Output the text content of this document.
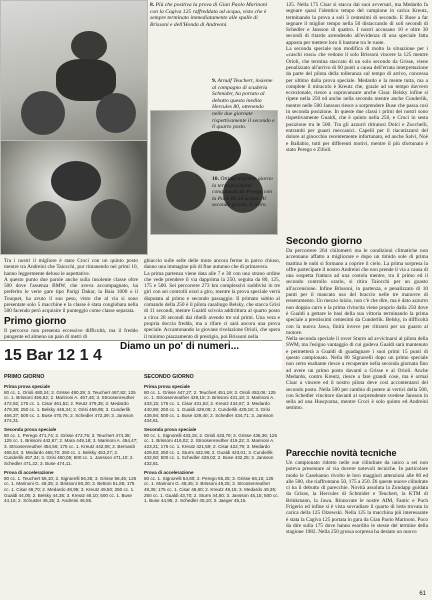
8. Più che positiva la prova di Gian Paolo Marinoni con la Cagiva 125 raffreddata ad acqua, visto che è sempre terminato immediatamente alle spalle di Brissoni e dell'Honda di Andreoni.
9. Arnulf Teuchert, insieme al compagno di scuderia Schmider, ha portato al debutto questa inedita Hercules 80, ottenendo nelle due giornate rispettivamente il secondo e il quarto posto.
10. Ottima al primo giorno la terza posizione conquistata da Perego con la Puch 80 ad acqua. Al secondo giorno, il ritiro.

Tra i nostri il migliore è stato Croci con un quinto posto mentre tra Andreini che Taiocchi, pur rimanendo nei primi 10, hanno leggermente deluso le aspettative.

A questo punto due parole anche sulla insolente classe oltre 500 dove l'assenza BMW, che aveva accompagnato, ha preferito le verie gare tipo Parigi Dakar, la Baia 1000 o il Touquet, ha avuto il suo peso, visto che al via si sono presentate solo 5 macchine e la classe è stata conglobata nella 500 facendo però acquisire il punteggio come classe separata.

Primo giorno
Il percorso non presenta eccessive difficoltà, ma il freddo pungente ed almeno un paio di metri di

ghiaccio sulle selle delle moto ancora ferme in parco chiuso, danno una immagine più di fine autunno che di primavera.

La prima partenza viene data alle 7 e 30 con uno strano ordine che vede prendere il via dapprima la 250, seguita da 80, 125, 175 e 500. Sei percorrere 273 km complessivi suddivisi in tre giri con sei controlli orari a giro, mentre la prova speciale verrà disputata al primo e secondo passaggio. Il primato subito al comando della 250 è il pilota casalingo Belsky, che stacca Grisi di 11 secondi, mentre Gualdi scivola addirittura al quarto posto a circa 28 secondi dai ribelli avendo tre sul primi. Una vera e propria doccia fredda, ma a rifare ci sarà ancora una prova speciale. Accantonando la giovane rivelazione Orioli, che spera il minimo piazzamento di prestigio, poi Brissoni nella

125. Nella 175 Cisar si stacca dai suoi avversari, ma Medardo fa segnare quasi l'identico tempo del campione in carica Kreutz, terminando la prova a soli 3 centesimi di secondo. E Buse a far segnare il miglior tempo nella 50 distaccando di soli secondi di Schedler e Jansson di quattro. I nostri accusano 10 e oltre 30 secondi di ritardo arrendendo all'evidenza di una speciale fatta apposta per mettere loro il bastone tra le ruote.

La seconda speciale non modifica di molto la situazione per i «caschi rossi» che vedono il solo Brissoni vincere la 125 mentre Orioli, che termina staccato di un solo secondo da Grisse, viene penalizzato all'arrivo di 60 punti a causa dell'errata interpretazione da parte del pilota della tolleranza sul tempo di arrivo, concessa per ultimo dalla prova speciale. Medardo e la mente tutta, ma a complete il miracolo è Kreutz che, grazie ad un tempo davvero eccezionale, riesce a sopravanzare anche Cisar. Belsky infine si ripete nella 250 ed anche nella seconda mentre anche Cunderlik, mentre nelle 500 Jansson riesce a sorprendere Buse che passa così in seconda posizione. In queste due classi i primi dei nostri sono rispettivamente Gualdi, che è quinto nella 250, e Croci in sesta posizione tra le 500. Tra gli azzurri ritiratosi Dolci e Zucchelli, entrambi per guasti meccanici. Capelli per il riacutizzarsi del dolore al ginocchio recentemente infortunato, ed anche Salvi, Noè e Ballabio, tutti per differenti motivi, mentre il più sfortunato è stato Perego e Zilioli.

Secondo giorno

Da percorrere 264 chilometri ma le condizioni climatiche non accennano affatto a migliorare e dopo un timido sole di prima mattina le nubi si formano a coprire il cielo. La prima sorpresa la offre partecipare il nostro Andreini che non prende il via a causa di una sospetta frattura ad una costola mentre, tra il primo ed il secondo controllo orario, si ritira Taiocchi per un guasto all'accensione. Infine Brissoni, in partenza, e penalizzato di 10 punti per il mancato uso del braccio nelle tre manovre di tesseramento. Un mezzo inizio, non c'è che dire, ma è dato azzurro non doppia carro e la prima rivincita viene proprio dalla 250 dove è Gualdi a gettare le basi della sua vittoria terminando la prima speciale a prestissimi centesimi da Cunderlik. Belsky, in difficoltà con la nuova Jawa, finirà invece per ritirarsi per un guasto al motore.

Nella seconda speciale il rover Sturm ad avvicinarsi al pilota della SWM, ma l'esiguo vantaggio di cui godeva Gualdi sarà mantenuto e permetterà a Gualdi di guadagnare i suoi primi 15 punti di questo campionato. Nella 80 Signorelli dopo un primo speciale non certo esaltante riesce a recuperare nella seconda giornata fino ad avere un primo posto davanti a Grisse e al Orioli. Anche Medardo, contro Kreutz, riesce a fare grandi cose, ma è ormai Cisar a vincere ed il nostro pilota deve così accontentarsi del secondo posto. Nella 500 per cambio di potere ai vertici della 500, con Schedler vincitore davanti al sorprendente svedese Jansson in sella ad una Husqvarna, mentre Croci è solo quinto ed Andreini settimo.

Parecchie novità tecniche
Un campionato ridotto nelle sue cilindrate da unico a sei non poteva presentare al via dovere notevoli tecniche. In particolare modo le Casehanno rivolto le loro maggiori attenzioni alle 80 ed alle 500, che riaffrontano 50, 175 a 250. Di queste nuove cilindrate ci ha il debutto di parecchie. Novità assoluta la Zundapp guidata da Grisse, la Hercules di Schmider e Teuchert, la KTM di Brinkmann, la Jawa. Rinnovate le nostre AIM, Fantic e Puch Frigerio ed infine si è vista sovradiare il quarto di lotta trovata in carica della 125 Olzewski. Nella 125 la macchina più interessante è stata la Cagiva 125 portata in gara da Gian Paolo Marinoni. Poco da dire sulla 175 dove hanno esordito le stesse del termine della stagione 1982. Nella 250 grossa sorpresa ha destato un nuovo
15 Bar 12 1 4
Diamo un po' di numeri...
PRIMO GIORNO
Prima prova speciale
80 cc. 1. Orioli 480,24; 2. Grisse 480,29; 3. Teuchert 487,82; 125 cc. 1. Brissoni 456,62; 2. Marinoni A. 467,45; 3. Stroosenreuther 472,92; 175 cc. 1. Cisar 461,52; 2. Reutz 479,35; 3. Medardo 479,38; 250 cc. 1. Belsky 446,34; 2. Grisi 459,95; 3. Cunderlik 466,37; 500 cc. 1. Buse 470,76; 2. Schedler 472,39; 3. Jansson 474,31.
Seconda prova speciale
80 cc. 1. Perego 471,74; 2. Grisse 472,76; 3. Teuchert 474,38; 125 cc. 1. Brissoni 442,67; 2. Mara 449,18; 3. Marinoni A. 454,47; 3. Stroosenreuther 454,56; 175 cc. 1. Kreutz 442,06; 2. Bernardi 465,54; 3. Medardo 465,70; 250 cc. 1. Belsky 453,27; 2. Cunderlik 457,34; 3. Grisi 460,05; 500 cc. 1. Jansson 471,10; 2. Schedler 471,22; 3. Buse 474,11.
Prova di accelerazione
80 cc. 1. Teuchert 56,10; 2. Signorelli 56,35; 3. Grisse 56,45; 125 cc. 1. Marinoni G. 48,35; 2. Brissoni 50,30; 3. Bettoni 51,85; 175 cc. 1. Cisar 48,70; 2. Medardo 48,95; 3. Kreutz 49,50; 250 cc. 1. Gualdi 44,05; 2. Belsky 44,35; 3. Kreutz 46,10; 500 cc. 1. Buse 44,15; 2. Schuster 46,35; 3. Andreini 46,55.
SECONDO GIORNO
Prima prova speciale
80 cc. 1. Grisse 447,27; 2. Teuchert 451,19; 3. Orioli 453,06; 125 cc. 1. Stroosenreuther 429,19; 2. Brissoni 431,18; 3. Marinoni A. 433,15; 175 cc. 1. Cisar 431,53; 2. Kreutz 434,67; 3. Medardo 440,89; 250 cc. 1. Gualdi 429,08; 2. Cunderlik 429,18; 3. Grisi 438,94; 500 cc. 1. Buse 429,40; 2. Schedler 434,71; 3. Jansson 434,81.
Seconda prova speciale
80 cc. 1. Signorelli 433,15; 2. Orioli 433,79; 3. Grisse 435,36; 125 cc. 1. Brissoni 416,02; 2. Stroosenreuther 419,22; 3. Marinoni A. 423,21; 175 cc. 1. Kreutz 421,59; 2. Cisar 422,79; 3. Medardo 428,63; 250 cc. 1. Sturm 422,96; 2. Gualdi 423,01; 3. Cunderlik 432,50; 500 cc. 1. Schedler 429,02; 2. Buse 432,25; 3. Jansson 432,81.
Prova di accelerazione
80 cc. 1. Signorelli 54,60; 2. Perego 55,25; 3. Grisse 56,15; 125 cc. 1. Marinoni G. 48,45; 2. Brissoni 49,25; 3. Stroosenreuther 49,35; 175 cc. 1. Cisar 48,60; 2. Kreutz 49,15; 3. Medardo 49,35; 250 cc. 1. Gualdi 43,70; 2. Sturm 44,80; 3. Jansson 45,15; 500 cc. 1. Buse 44,95; 2. Schedler 45,10; 3. Jaeger 45,15.
61
